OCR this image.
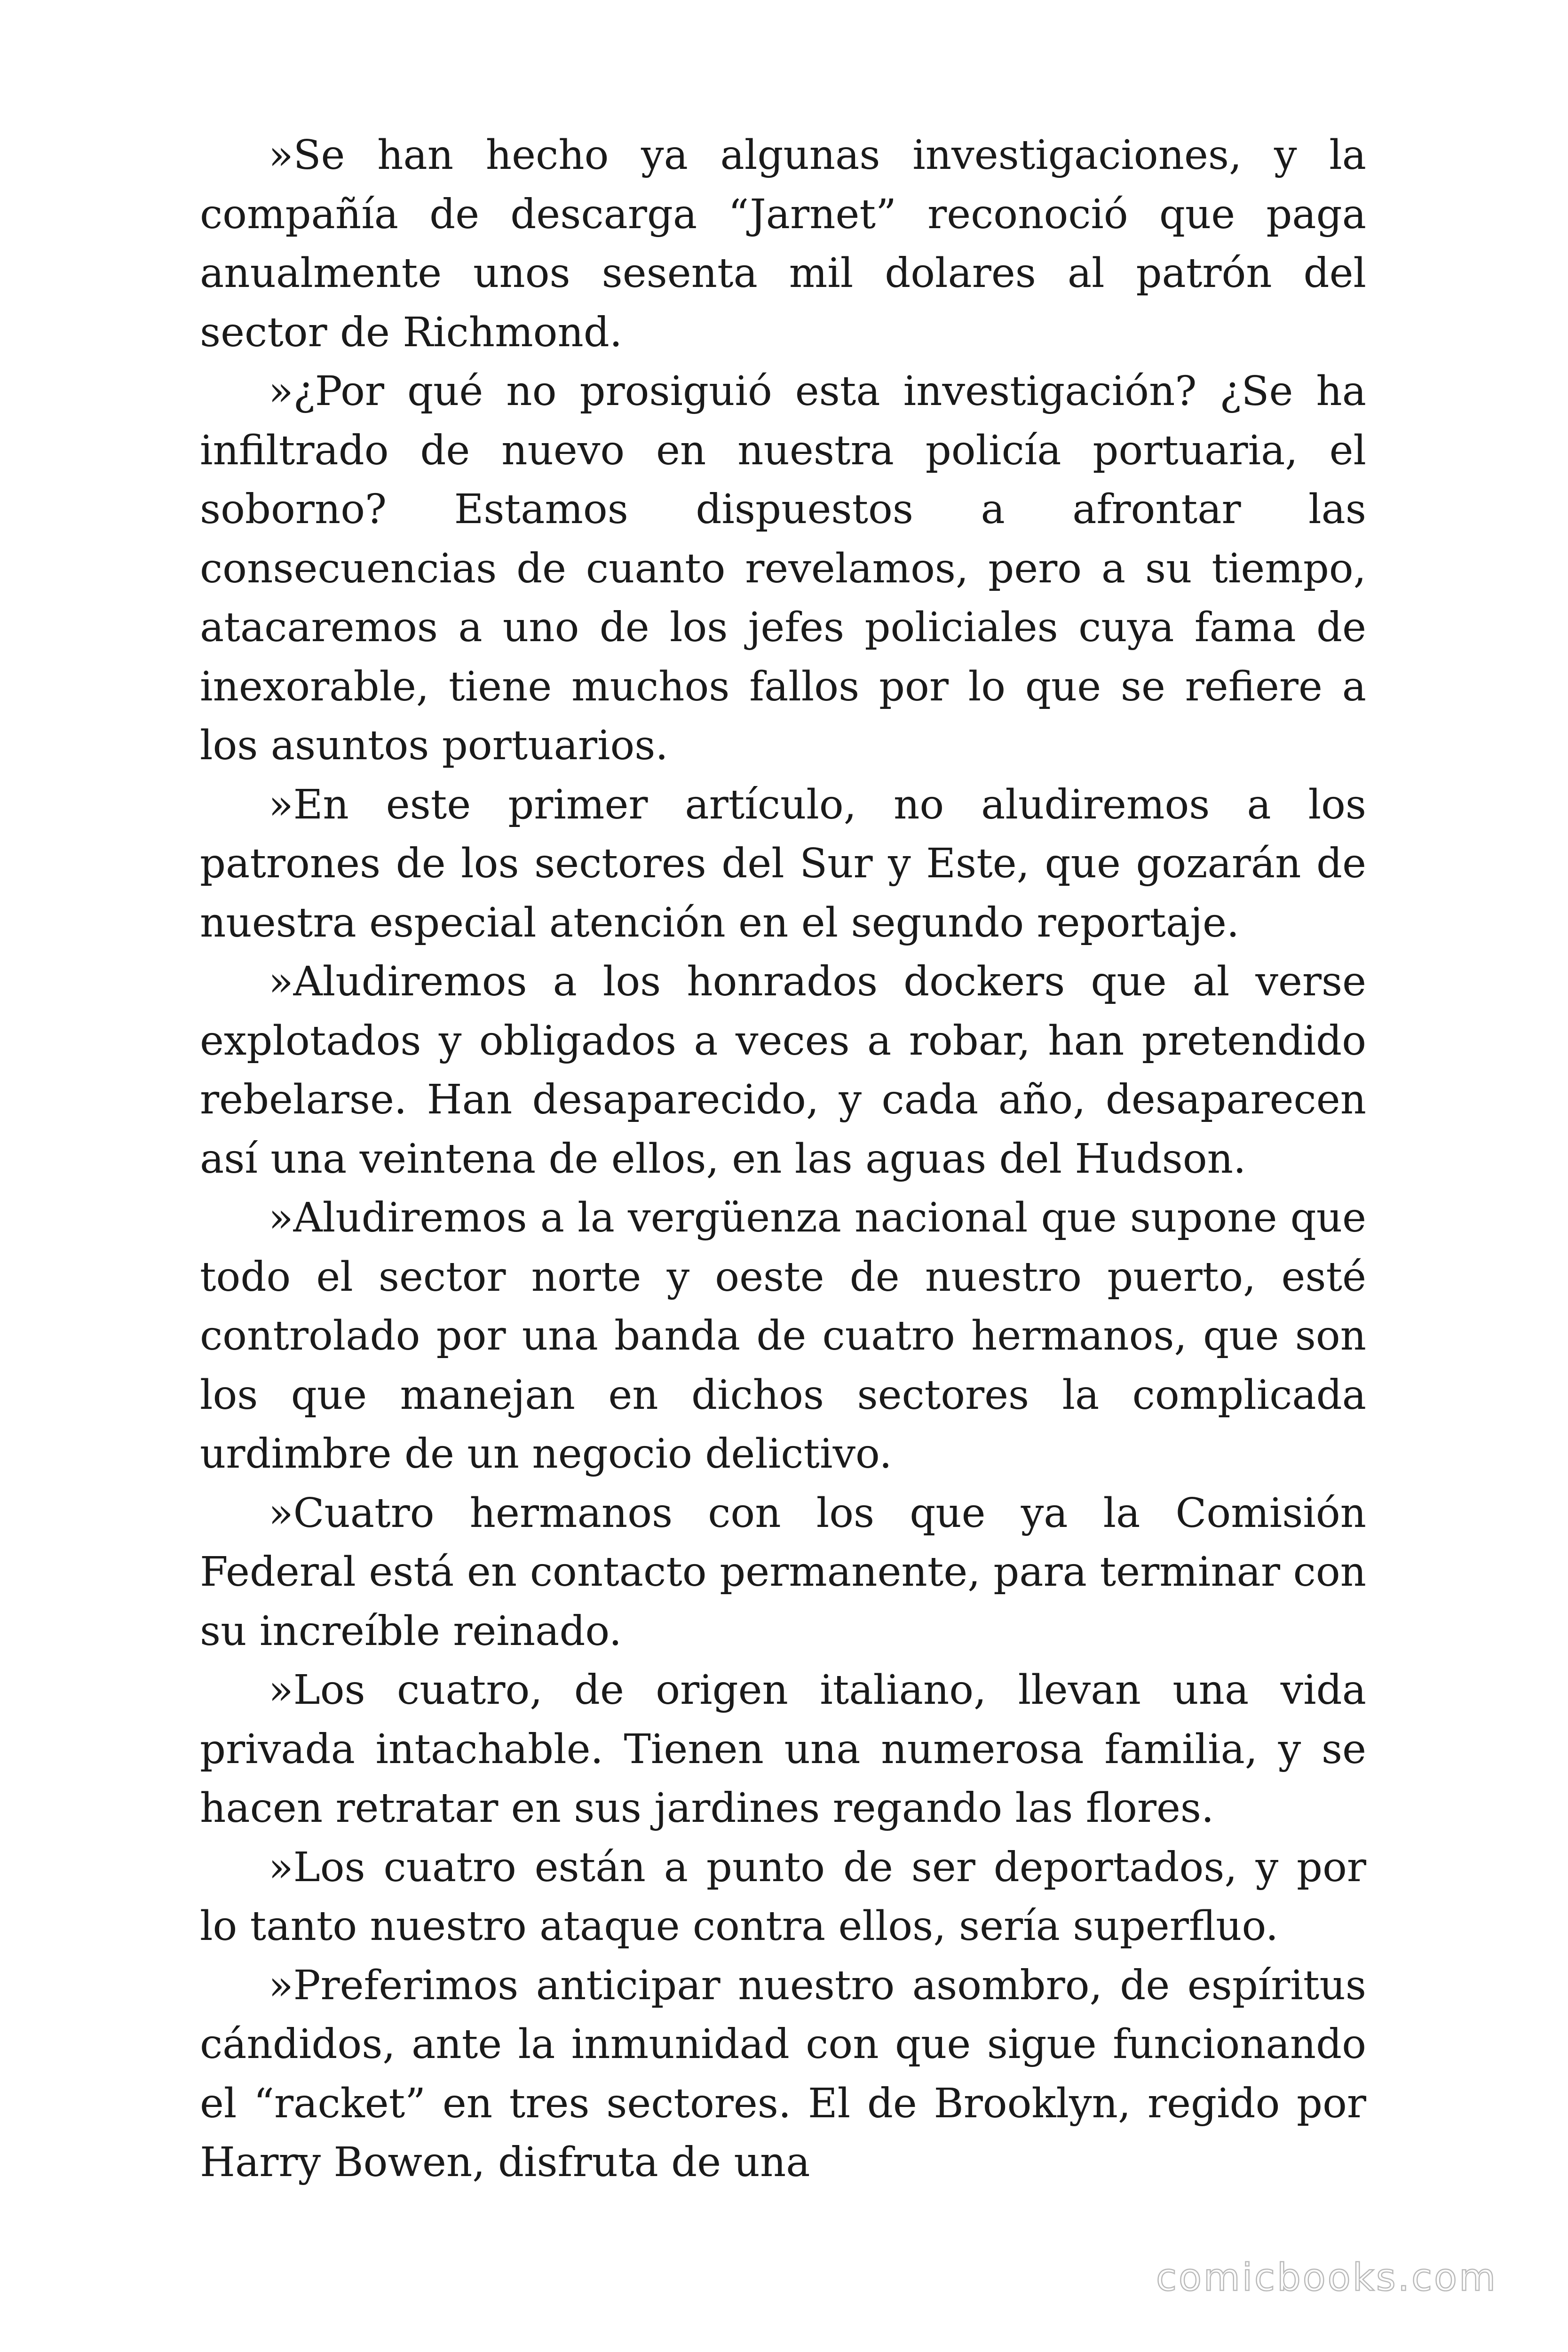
»Se han hecho ya algunas investigaciones, y la compañía de descarga “Jarnet” reconoció que paga anualmente unos sesenta mil dolares al patrón del sector de Richmond.

»¿Por qué no prosiguió esta investigación? ¿Se ha infiltrado de nuevo en nuestra policía portuaria, el soborno? Estamos dispuestos a afrontar las consecuencias de cuanto revelamos, pero a su tiempo, atacaremos a uno de los jefes policiales cuya fama de inexorable, tiene muchos fallos por lo que se refiere a los asuntos portuarios.

»En este primer artículo, no aludiremos a los patrones de los sectores del Sur y Este, que gozarán de nuestra especial atención en el segundo reportaje.

»Aludiremos a los honrados dockers que al verse explotados y obligados a veces a robar, han pretendido rebelarse. Han desaparecido, y cada año, desaparecen así una veintena de ellos, en las aguas del Hudson.

»Aludiremos a la vergüenza nacional que supone que todo el sector norte y oeste de nuestro puerto, esté controlado por una banda de cuatro hermanos, que son los que manejan en dichos sectores la complicada urdimbre de un negocio delictivo.

»Cuatro hermanos con los que ya la Comisión Federal está en contacto permanente, para terminar con su increíble reinado.

»Los cuatro, de origen italiano, llevan una vida privada intachable. Tienen una numerosa familia, y se hacen retratar en sus jardines regando las flores.

»Los cuatro están a punto de ser deportados, y por lo tanto nuestro ataque contra ellos, sería superfluo.

»Preferimos anticipar nuestro asombro, de espíritus cándidos, ante la inmunidad con que sigue funcionando el “racket” en tres sectores. El de Brooklyn, regido por Harry Bowen, disfruta de una

comicbooks.com
